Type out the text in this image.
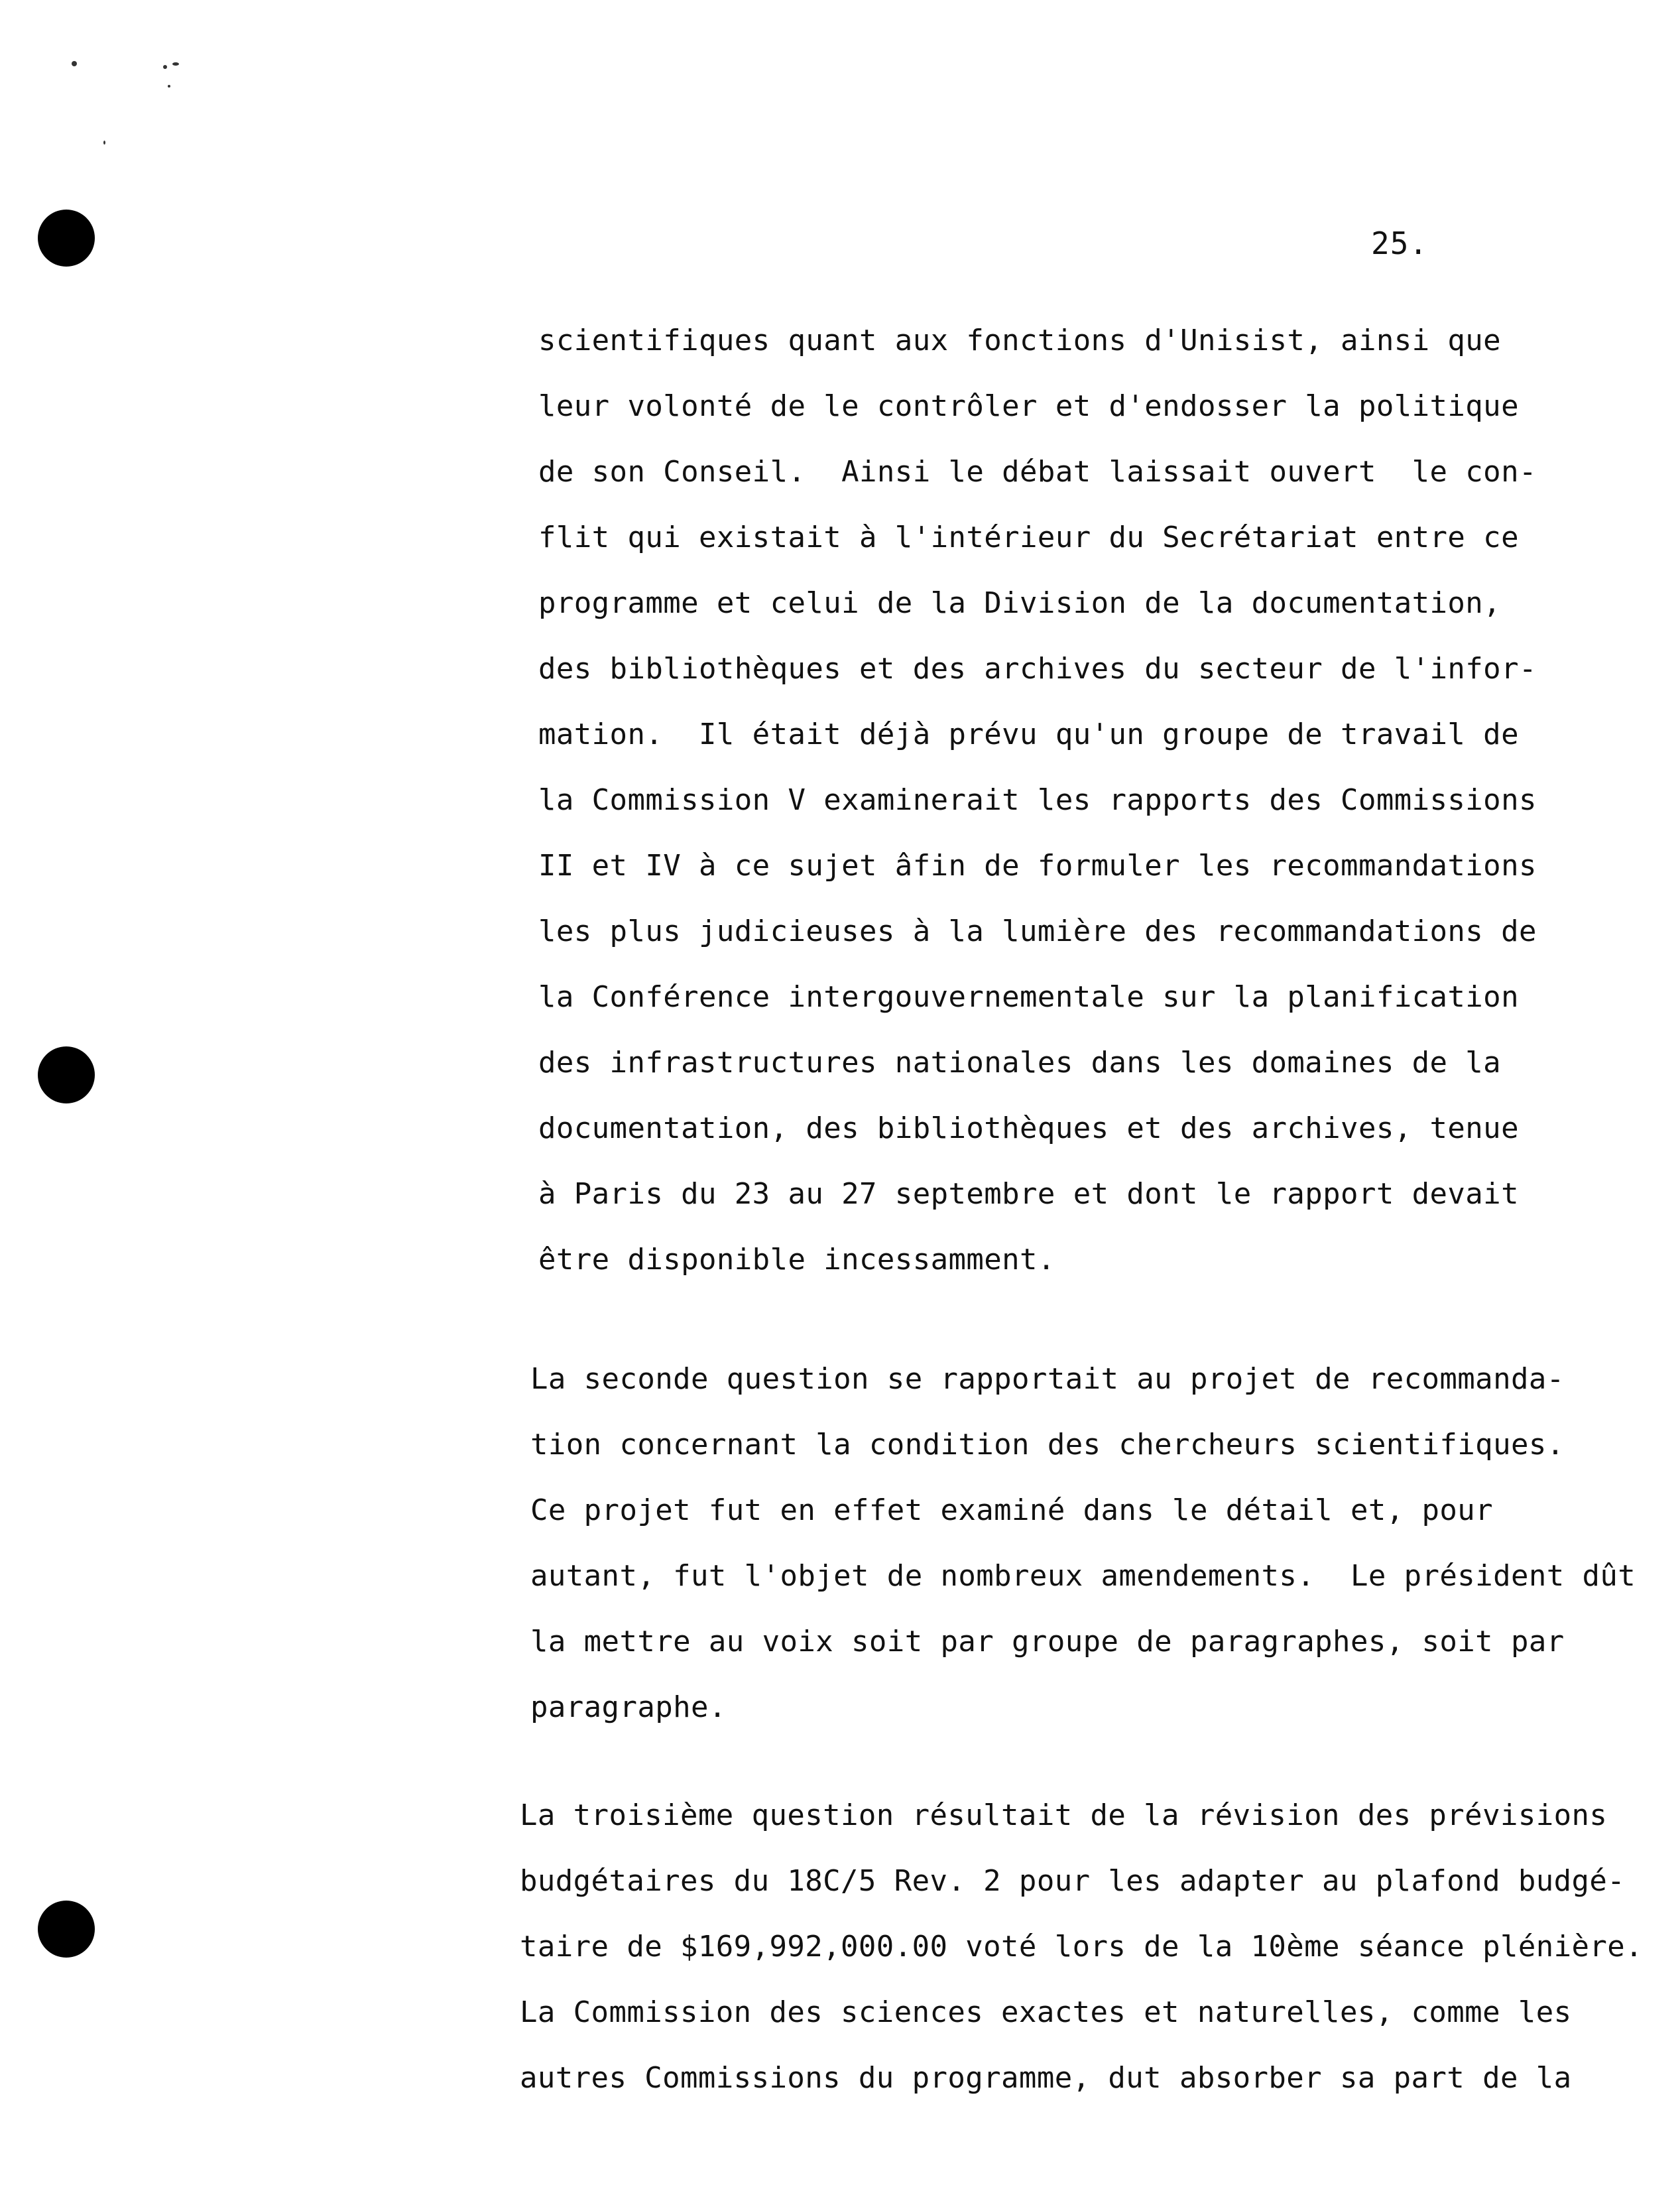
25.

scientifiques quant aux fonctions d'Unisist, ainsi que
leur volonté de le contrôler et d'endosser la politique
de son Conseil.  Ainsi le débat laissait ouvert  le con-
flit qui existait à l'intérieur du Secrétariat entre ce
programme et celui de la Division de la documentation,
des bibliothèques et des archives du secteur de l'infor-
mation.  Il était déjà prévu qu'un groupe de travail de
la Commission V examinerait les rapports des Commissions
II et IV à ce sujet âfin de formuler les recommandations
les plus judicieuses à la lumière des recommandations de
la Conférence intergouvernementale sur la planification
des infrastructures nationales dans les domaines de la
documentation, des bibliothèques et des archives, tenue
à Paris du 23 au 27 septembre et dont le rapport devait
être disponible incessamment.

La seconde question se rapportait au projet de recommanda-
tion concernant la condition des chercheurs scientifiques.
Ce projet fut en effet examiné dans le détail et, pour
autant, fut l'objet de nombreux amendements.  Le président dût
la mettre au voix soit par groupe de paragraphes, soit par
paragraphe.

La troisième question résultait de la révision des prévisions
budgétaires du 18C/5 Rev. 2 pour les adapter au plafond budgé-
taire de $169,992,000.00 voté lors de la 10ème séance plénière.
La Commission des sciences exactes et naturelles, comme les
autres Commissions du programme, dut absorber sa part de la
